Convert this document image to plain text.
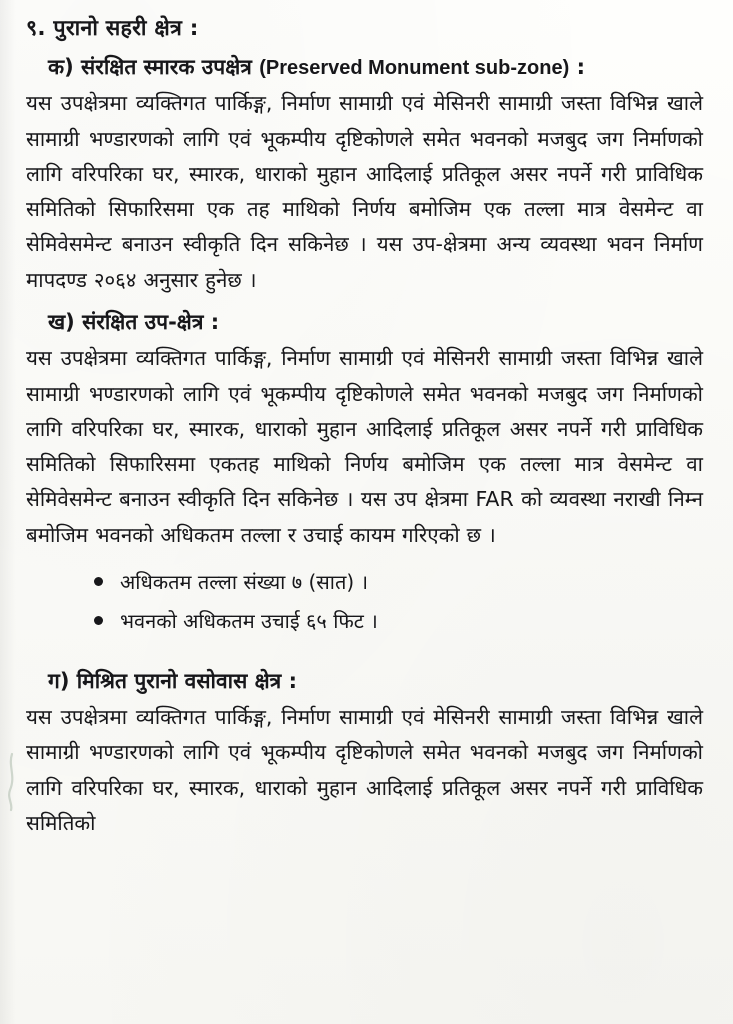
९. पुरानो सहरी क्षेत्र :
क) संरक्षित स्मारक उपक्षेत्र (Preserved Monument sub-zone) :

यस उपक्षेत्रमा व्यक्तिगत पार्किङ्ग, निर्माण सामाग्री एवं मेसिनरी सामाग्री जस्ता विभिन्न खाले सामाग्री भण्डारणको लागि एवं भूकम्पीय दृष्टिकोणले समेत भवनको मजबुद जग निर्माणको लागि वरिपरिका घर, स्मारक, धाराको मुहान आदिलाई प्रतिकूल असर नपर्ने गरी प्राविधिक समितिको सिफारिसमा एक तह माथिको निर्णय बमोजिम एक तल्ला मात्र वेसमेन्ट वा सेमिवेसमेन्ट बनाउन स्वीकृति दिन सकिनेछ । यस उप-क्षेत्रमा अन्य व्यवस्था भवन निर्माण मापदण्ड २०६४ अनुसार हुनेछ ।

ख) संरक्षित उप-क्षेत्र :

यस उपक्षेत्रमा व्यक्तिगत पार्किङ्ग, निर्माण सामाग्री एवं मेसिनरी सामाग्री जस्ता विभिन्न खाले सामाग्री भण्डारणको लागि एवं भूकम्पीय दृष्टिकोणले समेत भवनको मजबुद जग निर्माणको लागि वरिपरिका घर, स्मारक, धाराको मुहान आदिलाई प्रतिकूल असर नपर्ने गरी प्राविधिक समितिको सिफारिसमा एकतह माथिको निर्णय बमोजिम एक तल्ला मात्र वेसमेन्ट वा सेमिवेसमेन्ट बनाउन स्वीकृति दिन सकिनेछ । यस उप क्षेत्रमा FAR को व्यवस्था नराखी निम्न बमोजिम भवनको अधिकतम तल्ला र उचाई कायम गरिएको छ ।

अधिकतम तल्ला संख्या ७ (सात) ।
भवनको अधिकतम उचाई ६५ फिट ।
ग) मिश्रित पुरानो वसोवास क्षेत्र :

यस उपक्षेत्रमा व्यक्तिगत पार्किङ्ग, निर्माण सामाग्री एवं मेसिनरी सामाग्री जस्ता विभिन्न खाले सामाग्री भण्डारणको लागि एवं भूकम्पीय दृष्टिकोणले समेत भवनको मजबुद जग निर्माणको लागि वरिपरिका घर, स्मारक, धाराको मुहान आदिलाई प्रतिकूल असर नपर्ने गरी प्राविधिक समितिको
